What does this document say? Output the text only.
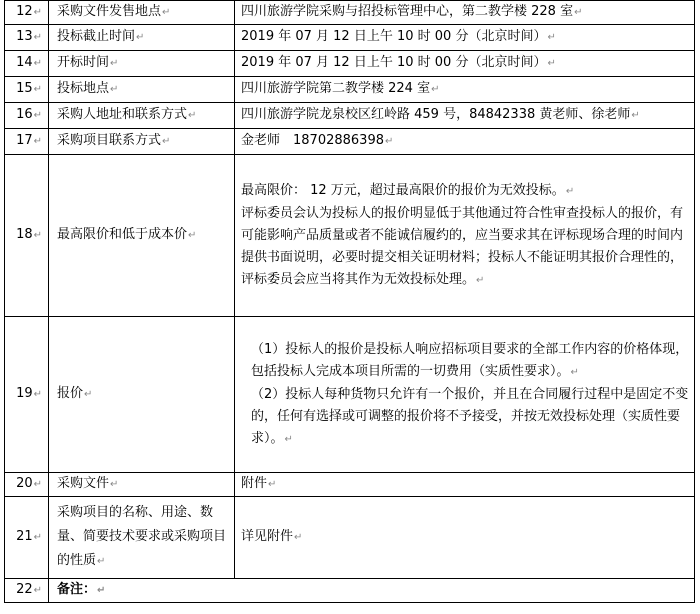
12↵	采购文件发售地点↵	四川旅游学院采购与招投标管理中心，第二教学楼 228 室↵
13↵	投标截止时间↵	2019 年 07 月 12 日上午 10 时 00 分（北京时间）↵
14↵	开标时间↵	2019 年 07 月 12 日上午 10 时 00 分（北京时间）↵
15↵	投标地点↵	四川旅游学院第二教学楼 224 室↵
16↵	采购人地址和联系方式↵	四川旅游学院龙泉校区红岭路 459 号，84842338 黄老师、徐老师↵
17↵	采购项目联系方式↵	金老师　18702886398↵
18↵	最高限价和低于成本价↵	最高限价： 12 万元，超过最高限价的报价为无效投标。↵
评标委员会认为投标人的报价明显低于其他通过符合性审查投标人的报价，有可能影响产品质量或者不能诚信履约的，应当要求其在评标现场合理的时间内提供书面说明，必要时提交相关证明材料；投标人不能证明其报价合理性的，评标委员会应当将其作为无效投标处理。↵

19↵	报价↵	（1）投标人的报价是投标人响应招标项目要求的全部工作内容的价格体现，包括投标人完成本项目所需的一切费用（实质性要求）。↵
（2）投标人每种货物只允许有一个报价，并且在合同履行过程中是固定不变的，任何有选择或可调整的报价将不予接受，并按无效投标处理（实质性要求）。↵

20↵	采购文件↵	附件↵
21↵	采购项目的名称、用途、数量、简要技术要求或采购项目的性质↵	详见附件↵
22↵	备注：↵	
